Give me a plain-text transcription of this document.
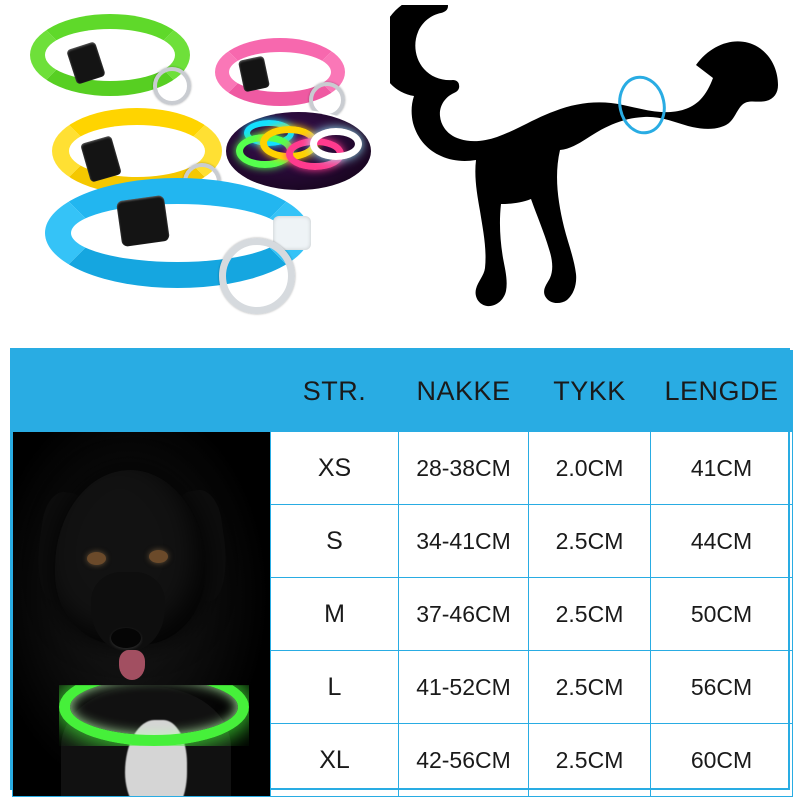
	STR.	NAKKE	TYKK	LENGDE

	XS	28-38CM	2.0CM	41CM
	S	34-41CM	2.5CM	44CM
	M	37-46CM	2.5CM	50CM
	L	41-52CM	2.5CM	56CM
	XL	42-56CM	2.5CM	60CM
